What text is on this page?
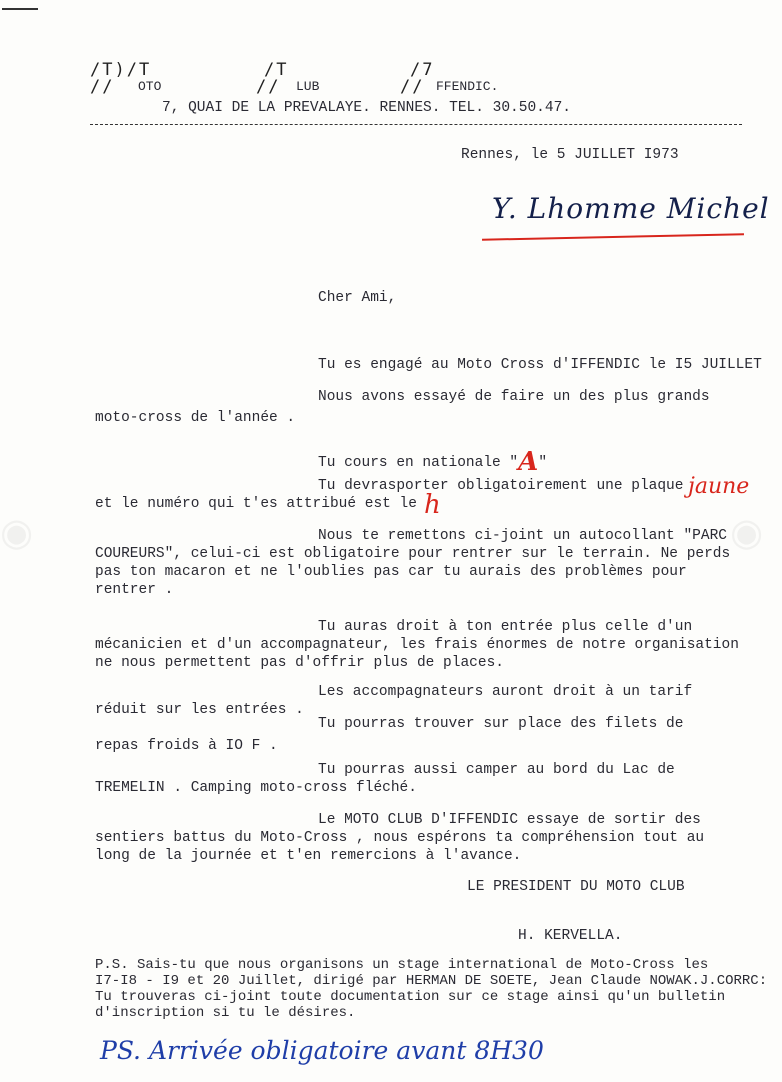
◉	◉
/T)/T
// OTO
/T
// LUB
/7
// FFENDIC.
7, QUAI DE LA PREVALAYE. RENNES. TEL. 30.50.47.
Rennes, le 5 JUILLET I973
Y. Lhomme Michel
Cher Ami,
Tu es engagé au Moto Cross d'IFFENDIC le I5 JUILLET
Nous avons essayé de faire un des plus grands
moto-cross de l'année .
Tu cours en nationale "A"
Tu devrasporter obligatoirement une plaque jaune
et le numéro qui t'es attribué est le h
Nous te remettons ci-joint un autocollant "PARC
COUREURS", celui-ci est obligatoire pour rentrer sur le terrain. Ne perds
pas ton macaron et ne l'oublies pas car tu aurais des problèmes pour
rentrer .
Tu auras droit à ton entrée plus celle d'un
mécanicien et d'un accompagnateur, les frais énormes de notre organisation
ne nous permettent pas d'offrir plus de places.
Les accompagnateurs auront droit à un tarif
réduit sur les entrées .
Tu pourras trouver sur place des filets de
repas froids à IO F .
Tu pourras aussi camper au bord du Lac de
TREMELIN . Camping moto-cross fléché.
Le MOTO CLUB D'IFFENDIC essaye de sortir des
sentiers battus du Moto-Cross , nous espérons ta compréhension tout au
long de la journée et t'en remercions à l'avance.
LE PRESIDENT DU MOTO CLUB
H. KERVELLA.
P.S. Sais-tu que nous organisons un stage international de Moto-Cross les
I7-I8 - I9 et 20 Juillet, dirigé par HERMAN DE SOETE, Jean Claude NOWAK.J.CORRC:
Tu trouveras ci-joint toute documentation sur ce stage ainsi qu'un bulletin
d'inscription si tu le désires.
PS. Arrivée obligatoire avant 8H30
